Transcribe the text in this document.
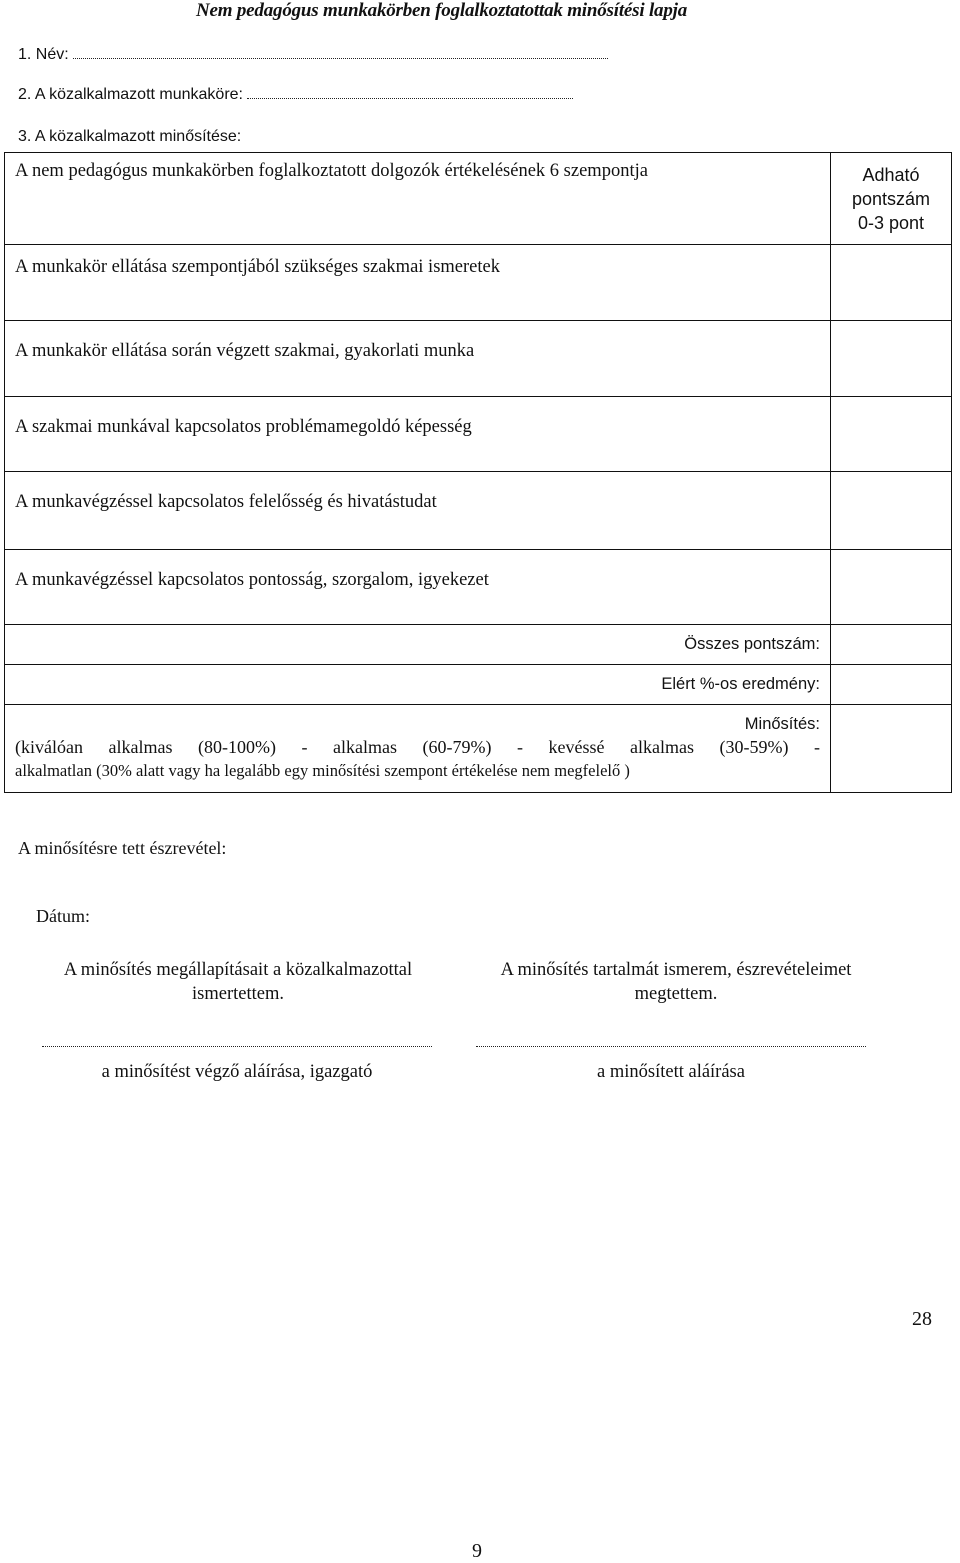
Nem pedagógus munkakörben foglalkoztatottak minősítési lapja
1. Név:
2. A közalkalmazott munkaköre:
3. A közalkalmazott minősítése:
A nem pedagógus munkakörben foglalkoztatott dolgozók értékelésének 6 szempontja	Adható
pontszám
0-3 pont

A munkakör ellátása szempontjából szükséges szakmai ismeretek	

A munkakör ellátása során végzett szakmai, gyakorlati munka	

A szakmai munkával kapcsolatos problémamegoldó képesség	

A munkavégzéssel kapcsolatos felelősség és hivatástudat	

A munkavégzéssel kapcsolatos pontosság, szorgalom, igyekezet	

Összes pontszám:	
Elért %-os eredmény:	

Minősítés:
(kiválóan alkalmas (80-100%) - alkalmas (60-79%) - kevéssé alkalmas (30-59%) -
alkalmatlan (30% alatt vagy ha legalább egy minősítési szempont értékelése nem megfelelő )	

A minősítésre tett észrevétel:
Dátum:
A minősítés megállapításait a közalkalmazottal
ismertettem.
A minősítés tartalmát ismerem, észrevételeimet
megtettem.
a minősítést végző aláírása, igazgató	a minősített aláírása
28
9
